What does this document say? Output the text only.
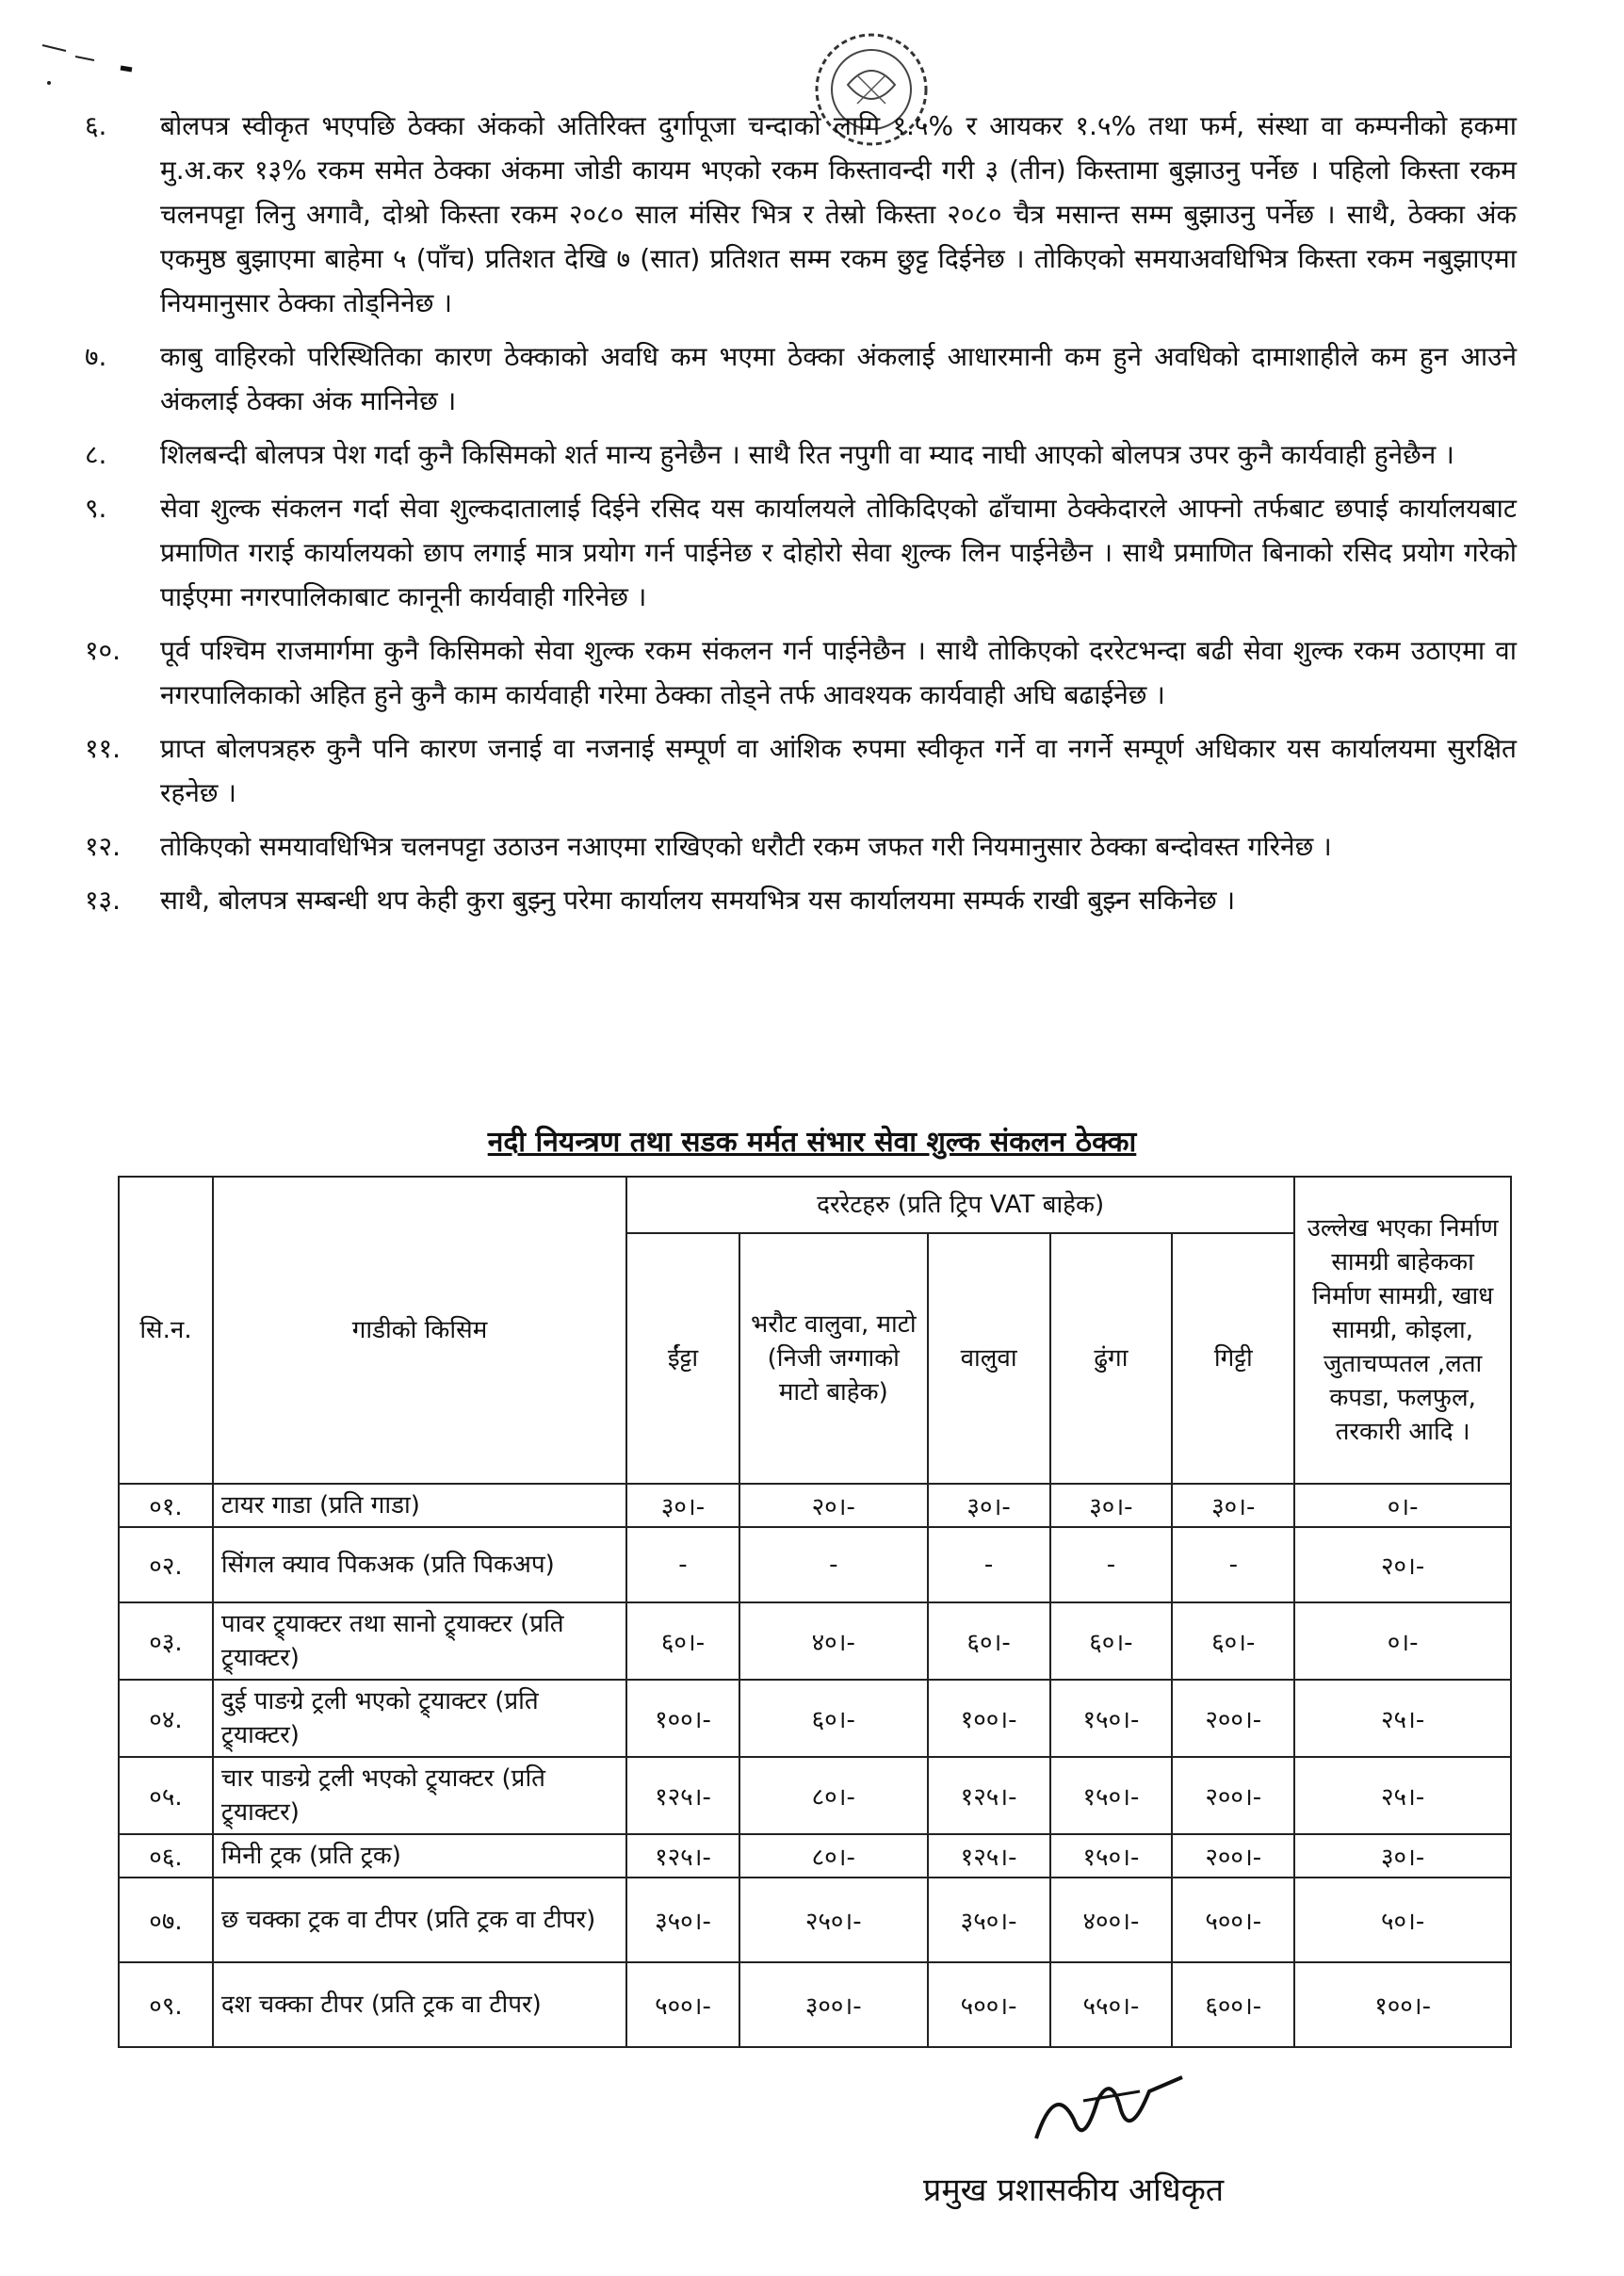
६.	बोलपत्र स्वीकृत भएपछि ठेक्का अंकको अतिरिक्त दुर्गापूजा चन्दाको लागि १.५% र आयकर १.५% तथा फर्म, संस्था वा कम्पनीको हकमा मु.अ.कर १३% रकम समेत ठेक्का अंकमा जोडी कायम भएको रकम किस्तावन्दी गरी ३ (तीन) किस्तामा बुझाउनु पर्नेछ । पहिलो किस्ता रकम चलनपट्टा लिनु अगावै, दोश्रो किस्ता रकम २०८० साल मंसिर भित्र र तेस्रो किस्ता २०८० चैत्र मसान्त सम्म बुझाउनु पर्नेछ । साथै, ठेक्का अंक एकमुष्ठ बुझाएमा बाहेमा ५ (पाँच) प्रतिशत देखि ७ (सात) प्रतिशत सम्म रकम छुट्ट दिईनेछ । तोकिएको समयाअवधिभित्र किस्ता रकम नबुझाएमा नियमानुसार ठेक्का तोड्निनेछ ।
७.	काबु वाहिरको परिस्थितिका कारण ठेक्काको अवधि कम भएमा ठेक्का अंकलाई आधारमानी कम हुने अवधिको दामाशाहीले कम हुन आउने अंकलाई ठेक्का अंक मानिनेछ ।
८.	शिलबन्दी बोलपत्र पेश गर्दा कुनै किसिमको शर्त मान्य हुनेछैन । साथै रित नपुगी वा म्याद नाघी आएको बोलपत्र उपर कुनै कार्यवाही हुनेछैन ।
९.	सेवा शुल्क संकलन गर्दा सेवा शुल्कदातालाई दिईने रसिद यस कार्यालयले तोकिदिएको ढाँचामा ठेक्केदारले आफ्नो तर्फबाट छपाई कार्यालयबाट प्रमाणित गराई कार्यालयको छाप लगाई मात्र प्रयोग गर्न पाईनेछ र दोहोरो सेवा शुल्क लिन पाईनेछैन । साथै प्रमाणित बिनाको रसिद प्रयोग गरेको पाईएमा नगरपालिकाबाट कानूनी कार्यवाही गरिनेछ ।
१०.	पूर्व पश्चिम राजमार्गमा कुनै किसिमको सेवा शुल्क रकम संकलन गर्न पाईनेछैन । साथै तोकिएको दररेटभन्दा बढी सेवा शुल्क रकम उठाएमा वा नगरपालिकाको अहित हुने कुनै काम कार्यवाही गरेमा ठेक्का तोड्ने तर्फ आवश्यक कार्यवाही अघि बढाईनेछ ।
११.	प्राप्त बोलपत्रहरु कुनै पनि कारण जनाई वा नजनाई सम्पूर्ण वा आंशिक रुपमा स्वीकृत गर्ने वा नगर्ने सम्पूर्ण अधिकार यस कार्यालयमा सुरक्षित रहनेछ ।
१२.	तोकिएको समयावधिभित्र चलनपट्टा उठाउन नआएमा राखिएको धरौटी रकम जफत गरी नियमानुसार ठेक्का बन्दोवस्त गरिनेछ ।
१३.	साथै, बोलपत्र सम्बन्धी थप केही कुरा बुझ्नु परेमा कार्यालय समयभित्र यस कार्यालयमा सम्पर्क राखी बुझ्न सकिनेछ ।
नदी नियन्त्रण तथा सडक मर्मत संभार सेवा शुल्क संकलन ठेक्का
सि.न.	गाडीको किसिम	दररेटहरु (प्रति ट्रिप VAT बाहेक)					उल्लेख भएका निर्माण सामग्री बाहेकका निर्माण सामग्री, खाध सामग्री, कोइला, जुताचप्पतल ,लता कपडा, फलफुल, तरकारी आदि ।
		ईंट्टा	भरौट वालुवा, माटो (निजी जग्गाको माटो बाहेक)	वालुवा	ढुंगा	गिट्टी	
०१.	टायर गाडा (प्रति गाडा)	३०।-	२०।-	३०।-	३०।-	३०।-	०।-
०२.	सिंगल क्याव पिकअक (प्रति पिकअप)	-	-	-	-	-	२०।-
०३.	पावर ट्र्याक्टर तथा सानो ट्र्याक्टर (प्रति ट्र्याक्टर)	६०।-	४०।-	६०।-	६०।-	६०।-	०।-
०४.	दुई पाङग्रे ट्रली भएको ट्र्याक्टर (प्रति ट्र्याक्टर)	१००।-	६०।-	१००।-	१५०।-	२००।-	२५।-
०५.	चार पाङग्रे ट्रली भएको ट्र्याक्टर (प्रति ट्र्याक्टर)	१२५।-	८०।-	१२५।-	१५०।-	२००।-	२५।-
०६.	मिनी ट्रक (प्रति ट्रक)	१२५।-	८०।-	१२५।-	१५०।-	२००।-	३०।-
०७.	छ चक्का ट्रक वा टीपर (प्रति ट्रक वा टीपर)	३५०।-	२५०।-	३५०।-	४००।-	५००।-	५०।-
०९.	दश चक्का टीपर (प्रति ट्रक वा टीपर)	५००।-	३००।-	५००।-	५५०।-	६००।-	१००।-
प्रमुख प्रशासकीय अधिकृत
